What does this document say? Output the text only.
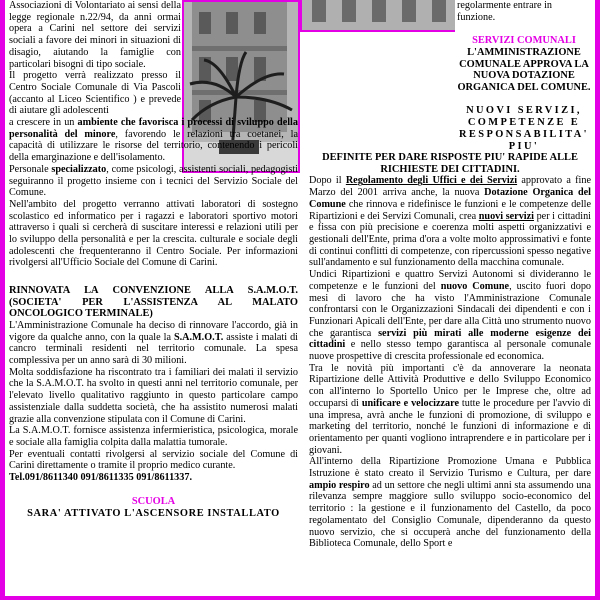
Associazioni di Volontariato ai sensi della legge regionale n.22/94, da anni ormai opera a Carini nel settore dei servizi sociali a favore dei minori in situazioni di disagio, aiutando la famiglie con particolari bisogni di tipo sociale.

Il progetto verrà realizzato presso il Centro Sociale Comunale di Via Pascoli (accanto al Liceo Scientifico ) e prevede di aiutare gli adolescenti

a crescere in un ambiente che favorisca i processi di sviluppo della personalità del minore, favorendo le relazioni tra coetanei, la capacità di utilizzare le risorse del territorio, contenendo i pericoli della emarginazione e dell'isolamento.

Personale specializzato, come psicologi, assistenti sociali, pedagogisti seguiranno il progetto insieme con i tecnici del Servizio Sociale del Comune.

Nell'ambito del progetto verranno attivati laboratori di sostegno scolastico ed informatico per i ragazzi e laboratori sportivo motori attraverso i quali si cercherà di suscitare interessi e relazioni utili per lo sviluppo della personalità e per la crescita. culturale e sociale degli adolescenti che frequenteranno il Centro Sociale. Per informazioni rivolgersi all'Ufficio Sociale del Comune di Carini.

RINNOVATA LA CONVENZIONE ALLA S.A.M.O.T. (SOCIETA' PER L'ASSISTENZA AL MALATO ONCOLOGICO TERMINALE)

L'Amministrazione Comunale ha deciso di rinnovare l'accordo, già in vigore da qualche anno, con la quale la S.A.M.O.T. assiste i malati di cancro terminali residenti nel territorio comunale. La spesa complessiva per un anno sarà di 30 milioni.

Molta soddisfazione ha riscontrato tra i familiari dei malati il servizio che la S.A.M.O.T. ha svolto in questi anni nel territorio comunale, per l'elevato livello qualitativo raggiunto in questo particolare campo assistenziale dalla suddetta società, che ha assistito numerosi malati grazie alla convenzione stipulata con il Comune di Carini.

La S.A.M.O.T. fornisce assistenza infermieristica, psicologica, morale e sociale alla famiglia colpita dalla malattia tumorale.

Per eventuali contatti rivolgersi al servizio sociale del Comune di Carini direttamente o tramite il proprio medico curante.

Tel.091/8611340 091/8611335 091/8611337.

SCUOLA

SARA' ATTIVATO L'ASCENSORE INSTALLATO

regolarmente entrare in funzione.

SERVIZI COMUNALI

L'AMMINISTRAZIONE COMUNALE APPROVA LA NUOVA DOTAZIONE ORGANICA DEL COMUNE.

NUOVI SERVIZI, COMPETENZE E RESPONSABILITA' PIU'

DEFINITE PER DARE RISPOSTE PIU' RAPIDE ALLE RICHIESTE DEI CITTADINI.

Dopo il Regolamento degli Uffici e dei Servizi approvato a fine Marzo del 2001 arriva anche, la nuova Dotazione Organica del Comune che rinnova e ridefinisce le funzioni e le competenze delle Ripartizioni e dei Servizi Comunali, crea nuovi servizi per i cittadini e fissa con più precisione e coerenza molti aspetti organizzativi e gestionali dell'Ente, prima d'ora a volte molto approssimativi e fonte di continui conflitti di competenze, con ripercussioni spesso negative sull'andamento e sul funzionamento della macchina comunale.

Undici Ripartizioni e quattro Servizi Autonomi si divideranno le competenze e le funzioni del nuovo Comune, uscito fuori dopo mesi di lavoro che ha visto l'Amministrazione Comunale confrontarsi con le Organizzazioni Sindacali dei dipendenti e con i Funzionari Apicali dell'Ente, per dare alla Città uno strumento nuovo che garantisca servizi più mirati alle moderne esigenze dei cittadini e nello stesso tempo garantisca al personale comunale nuove prospettive di crescita professionale ed economica.

Tra le novità più importanti c'è da annoverare la neonata Ripartizione delle Attività Produttive e dello Sviluppo Economico con all'interno lo Sportello Unico per le Imprese che, oltre ad occuparsi di unificare e velocizzare tutte le procedure per l'avvio di una impresa, avrà anche le funzioni di promozione, di sviluppo e marketing del territorio, nonché le funzioni di informazione e di orientamento per quanti vogliono intraprendere e in particolare per i giovani.

All'interno della Ripartizione Promozione Umana e Pubblica Istruzione è stato creato il Servizio Turismo e Cultura, per dare ampio respiro ad un settore che negli ultimi anni sta assumendo una rilevanza sempre maggiore sullo sviluppo socio-economico del territorio : la gestione e il funzionamento del Castello, da poco regolamentato del Consiglio Comunale, dipenderanno da questo nuovo servizio, che si occuperà anche del funzionamento della Biblioteca Comunale, dello Sport e
